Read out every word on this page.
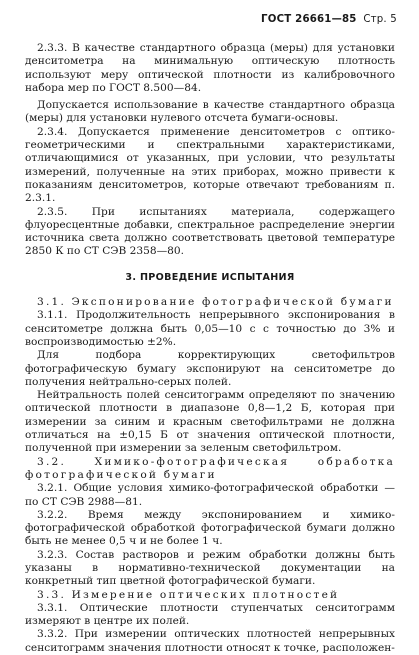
ГОСТ 26661—85 Стр. 5

2.3.3. В качестве стандартного образца (меры) для установки денситометра на минимальную оптическую плотность используют меру оптической плотности из калибровочного набора мер по ГОСТ 8.500—84.

Допускается использование в качестве стандартного образца (меры) для установки нулевого отсчета бумаги-основы.

2.3.4. Допускается применение денситометров с оптико-геометрическими и спектральными характеристиками, отличающимися от указанных, при условии, что результаты измерений, полученные на этих приборах, можно привести к показаниям денситометров, которые отвечают требованиям п. 2.3.1.

2.3.5. При испытаниях материала, содержащего флуоресцентные добавки, спектральное распределение энергии источника света должно соответствовать цветовой температуре 2850 К по СТ СЭВ 2358—80.

3. ПРОВЕДЕНИЕ ИСПЫТАНИЯ

3.1. Экспонирование фотографической бумаги

3.1.1. Продолжительность непрерывного экспонирования в сенситометре должна быть 0,05—10 с с точностью до 3% и воспроизводимостью ±2%.

Для подбора корректирующих светофильтров фотографическую бумагу экспонируют на сенситометре до получения нейтрально-серых полей.

Нейтральность полей сенситограмм определяют по значению оптической плотности в диапазоне 0,8—1,2 Б, которая при измерении за синим и красным светофильтрами не должна отличаться на ±0,15 Б от значения оптической плотности, полученной при измерении за зеленым светофильтром.

3.2. Химико-фотографическая обработка фотографической бумаги

3.2.1. Общие условия химико-фотографической обработки — по СТ СЭВ 2988—81.

3.2.2. Время между экспонированием и химико-фотографической обработкой фотографической бумаги должно быть не менее 0,5 ч и не более 1 ч.

3.2.3. Состав растворов и режим обработки должны быть указаны в нормативно-технической документации на конкретный тип цветной фотографической бумаги.

3.3. Измерение оптических плотностей

3.3.1. Оптические плотности ступенчатых сенситограмм измеряют в центре их полей.

3.3.2. При измерении оптических плотностей непрерывных сенситограмм значения плотности относят к точке, расположен-
